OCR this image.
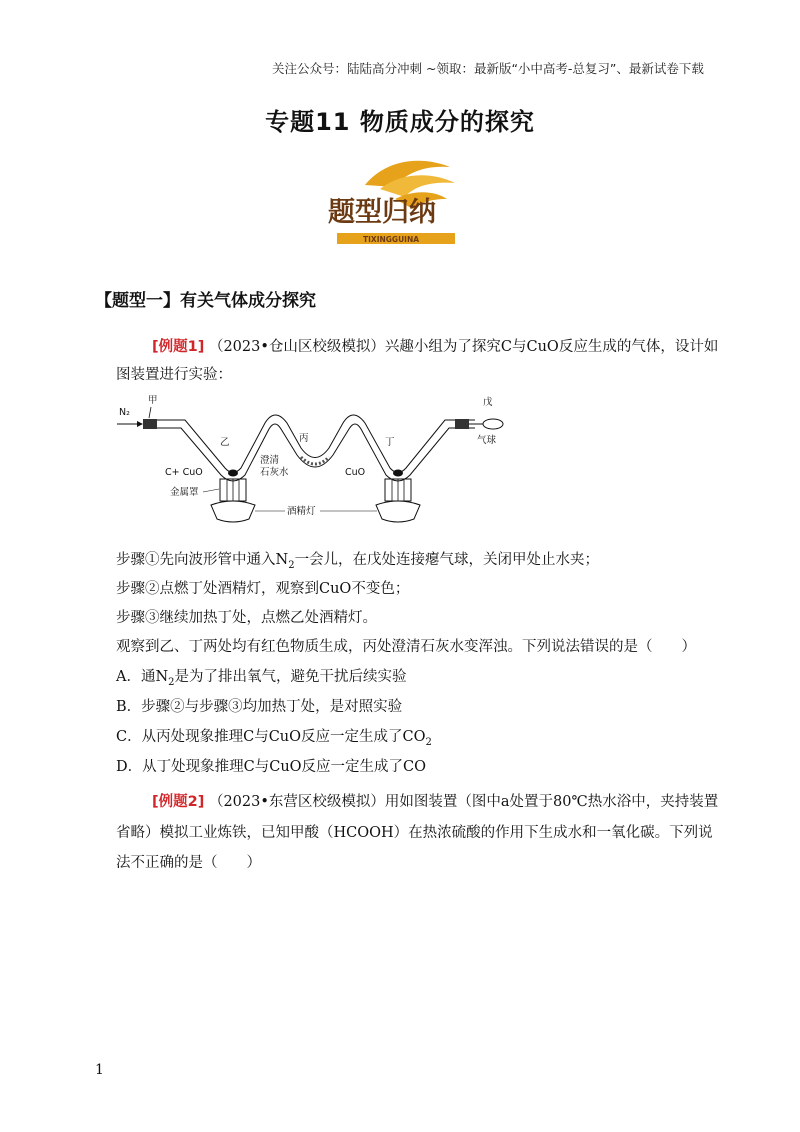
关注公众号：陆陆高分冲刺 ~领取：最新版“小中高考-总复习”、最新试卷下载
专题11 物质成分的探究
题型归纳
TIXINGGUINA
【题型一】有关气体成分探究
[例题1] （2023•仓山区校级模拟）兴趣小组为了探究C与CuO反应生成的气体，设计如
图装置进行实验：
N₂
甲
丙
澄清
石灰水
乙	丁
C+ CuO	CuO
戊
气球
金属罩
酒精灯
步骤①先向波形管中通入$N_2$一会儿，在戊处连接瘪气球，关闭甲处止水夹；
步骤②点燃丁处酒精灯，观察到CuO不变色；
步骤③继续加热丁处，点燃乙处酒精灯。
观察到乙、丁两处均有红色物质生成，丙处澄清石灰水变浑浊。下列说法错误的是（　　）
A．通$N_2$是为了排出氧气，避免干扰后续实验
B．步骤②与步骤③均加热丁处，是对照实验
C．从丙处现象推理C与CuO反应一定生成了$CO_2$
D．从丁处现象推理C与CuO反应一定生成了CO
[例题2] （2023•东营区校级模拟）用如图装置（图中a处置于80℃热水浴中，夹持装置
省略）模拟工业炼铁，已知甲酸（HCOOH）在热浓硫酸的作用下生成水和一氧化碳。下列说
法不正确的是（　　）
1
